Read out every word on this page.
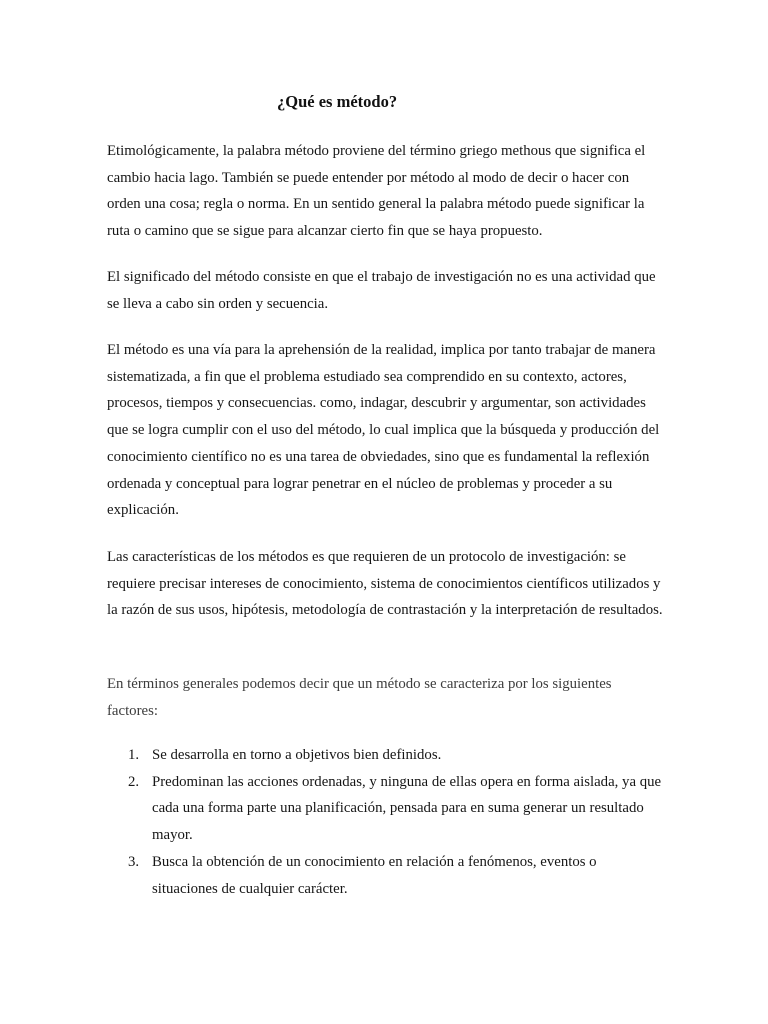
¿Qué es método?

Etimológicamente, la palabra método proviene del término griego methous que significa el cambio hacia lago. También se puede entender por método al modo de decir o hacer con orden una cosa; regla o norma. En un sentido general la palabra método puede significar la ruta o camino que se sigue para alcanzar cierto fin que se haya propuesto.

El significado del método consiste en que el trabajo de investigación no es una actividad que se lleva a cabo sin orden y secuencia.

El método es una vía para la aprehensión de la realidad, implica por tanto trabajar de manera sistematizada, a fin que el problema estudiado sea comprendido en su contexto, actores, procesos, tiempos y consecuencias. como, indagar, descubrir y argumentar, son actividades que se logra cumplir con el uso del método, lo cual implica que la búsqueda y producción del conocimiento científico no es una tarea de obviedades, sino que es fundamental la reflexión ordenada y conceptual para lograr penetrar en el núcleo de problemas y proceder a su explicación.

Las características de los métodos es que requieren de un protocolo de investigación: se requiere precisar intereses de conocimiento, sistema de conocimientos científicos utilizados y la razón de sus usos, hipótesis, metodología de contrastación y la interpretación de resultados.

En términos generales podemos decir que un método se caracteriza por los siguientes factores:

1. Se desarrolla en torno a objetivos bien definidos.
2. Predominan las acciones ordenadas, y ninguna de ellas opera en forma aislada, ya que cada una forma parte una planificación, pensada para en suma generar un resultado mayor.
3. Busca la obtención de un conocimiento en relación a fenómenos, eventos o situaciones de cualquier carácter.
